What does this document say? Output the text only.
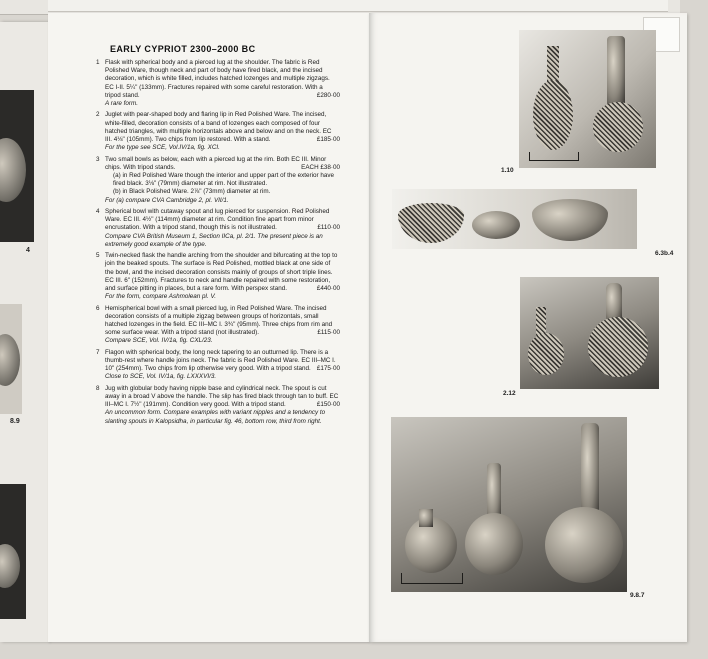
4
8.9
EARLY CYPRIOT 2300–2000 BC
1 Flask with spherical body and a pierced lug at the shoulder. The fabric is Red Polished Ware, though neck and part of body have fired black, and the incised decoration, which is white filled, includes hatched lozenges and multiple zigzags. EC I-II. 5¼" (133mm). Fractures repaired with some careful restoration. With a tripod stand.	£280·00
A rare form.
2 Juglet with pear-shaped body and flaring lip in Red Polished Ware. The incised, white-filled, decoration consists of a band of lozenges each composed of four hatched triangles, with multiple horizontals above and below and on the neck. EC III. 4⅛" (105mm). Two chips from lip restored. With a stand.	£185·00
For the type see SCE, Vol.IV/1a, fig. XCI.
3 Two small bowls as below, each with a pierced lug at the rim. Both EC III. Minor chips. With tripod stands.	EACH £38·00
(a) in Red Polished Ware though the interior and upper part of the exterior have fired black. 3⅛" (79mm) diameter at rim. Not illustrated.
(b) in Black Polished Ware. 2⅞" (73mm) diameter at rim.
For (a) compare CVA Cambridge 2, pl. VII/1.
4 Spherical bowl with cutaway spout and lug pierced for suspension. Red Polished Ware. EC III. 4½" (114mm) diameter at rim. Condition fine apart from minor encrustation. With a tripod stand, though this is not illustrated.	£110·00
Compare CVA British Museum 1, Section IICa, pl. 2/1. The present piece is an extremely good example of the type.
5 Twin-necked flask the handle arching from the shoulder and bifurcating at the top to join the beaked spouts. The surface is Red Polished, mottled black at one side of the bowl, and the incised decoration consists mainly of groups of short triple lines. EC III. 6" (152mm). Fractures to neck and handle repaired with some restoration, and surface pitting in places, but a rare form. With perspex stand.	£440·00
For the form, compare Ashmolean pl. V.
6 Hemispherical bowl with a small pierced lug, in Red Polished Ware. The incised decoration consists of a multiple zigzag between groups of horizontals, small hatched lozenges in the field. EC III–MC I. 3¾" (95mm). Three chips from rim and some surface wear. With a tripod stand (not illustrated).	£115·00
Compare SCE, Vol. IV/1a, fig. CXL/23.
7 Flagon with spherical body, the long neck tapering to an outturned lip. There is a thumb-rest where handle joins neck. The fabric is Red Polished Ware. EC III–MC I. 10" (254mm). Two chips from lip otherwise very good. With a tripod stand. £175·00
Close to SCE, Vol. IV/1a, fig. LXXXVI/3.
8 Jug with globular body having nipple base and cylindrical neck. The spout is cut away in a broad V above the handle. The slip has fired black through tan to buff. EC III–MC I. 7½" (191mm). Condition very good. With a tripod stand.	£150·00
An uncommon form. Compare examples with variant nipples and a tendency to slanting spouts in Kalopsidha, in particular fig. 46, bottom row, third from right.
1.10
6.3b.4
2.12
9.8.7
